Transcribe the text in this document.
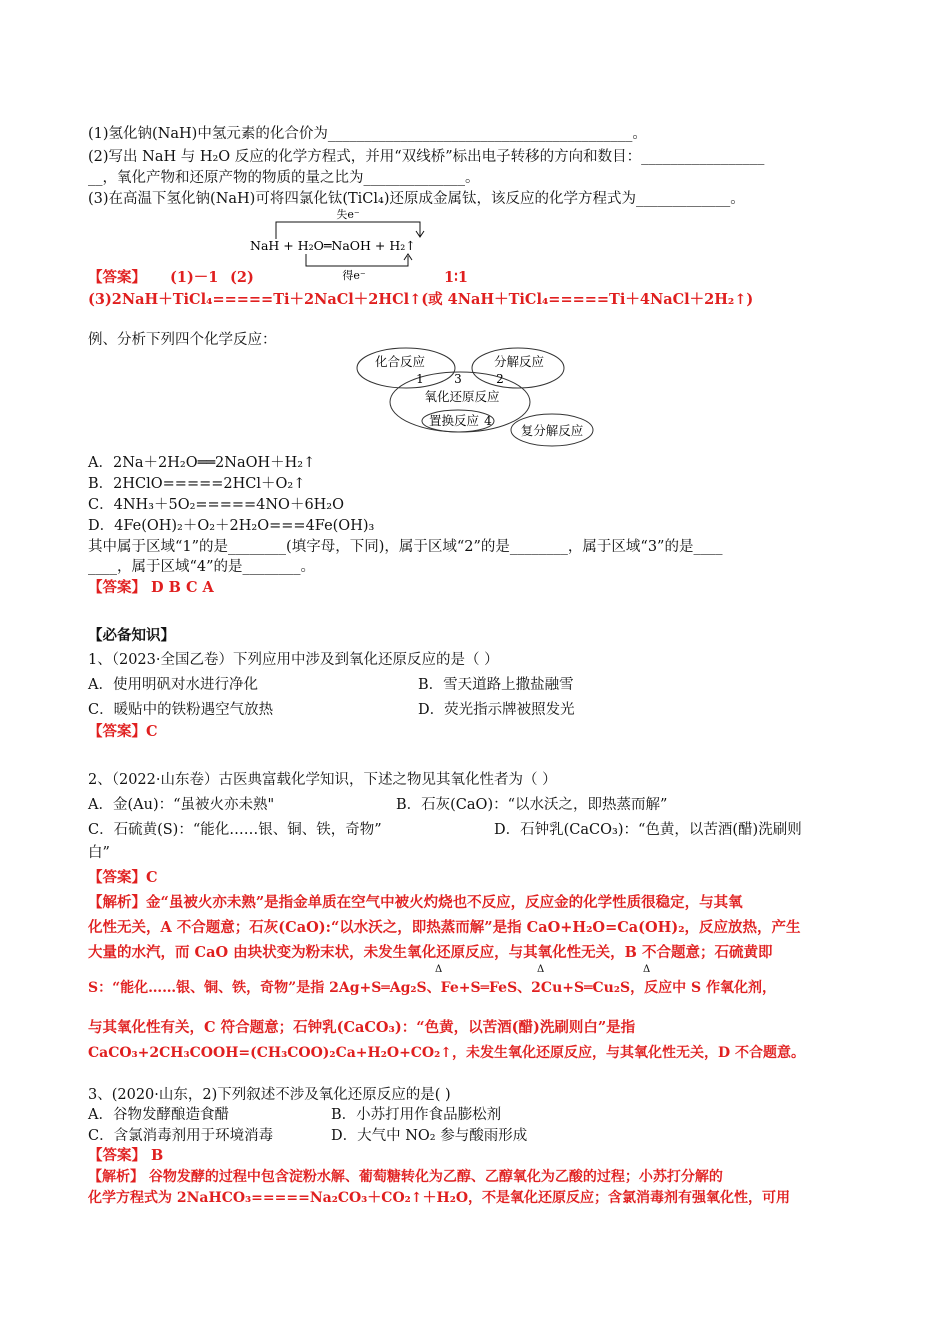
(1)氢化钠(NaH)中氢元素的化合价为__________________________________________。
(2)写出 NaH 与 H₂O 反应的化学方程式，并用“双线桥”标出电子转移的方向和数目：_________________
__，氧化产物和还原产物的物质的量之比为______________。
(3)在高温下氢化钠(NaH)可将四氯化钛(TiCl₄)还原成金属钛，该反应的化学方程式为_____________。
失e⁻
NaH + H₂O═NaOH + H₂↑
得e⁻
【答案】 (1)－1 (2)	1∶1
(3)2NaH＋TiCl₄=====Ti＋2NaCl＋2HCl↑(或 4NaH＋TiCl₄=====Ti＋4NaCl＋2H₂↑)
例、分析下列四个化学反应：
化合反应	分解反应
氧化还原反应
置换反应
复分解反应
1	3	2
4
A．2Na＋2H₂O══2NaOH＋H₂↑
B．2HClO=====2HCl＋O₂↑
C．4NH₃＋5O₂=====4NO＋6H₂O
D．4Fe(OH)₂＋O₂＋2H₂O===4Fe(OH)₃
其中属于区域“1”的是________(填字母，下同)，属于区域“2”的是________，属于区域“3”的是____
____，属于区域“4”的是________。
【答案】 D B C A
【必备知识】
1、（2023·全国乙卷）下列应用中涉及到氧化还原反应的是（ ）
A．使用明矾对水进行净化	B．雪天道路上撒盐融雪
C．暖贴中的铁粉遇空气放热	D．荧光指示牌被照发光
【答案】C
2、（2022·山东卷）古医典富载化学知识，下述之物见其氧化性者为（ ）
A．金(Au)：“虽被火亦未熟"	B．石灰(CaO)：“以水沃之，即热蒸而解”
C．石硫黄(S)：“能化……银、铜、铁，奇物”	D．石钟乳(CaCO₃)：“色黄，以苦酒(醋)洗刷则
白”
【答案】C
【解析】金“虽被火亦未熟”是指金单质在空气中被火灼烧也不反应，反应金的化学性质很稳定，与其氧
化性无关，A 不合题意；石灰(CaO):“以水沃之，即热蒸而解”是指 CaO+H₂O=Ca(OH)₂，反应放热，产生
大量的水汽，而 CaO 由块状变为粉末状，未发生氧化还原反应，与其氧化性无关，B 不合题意；石硫黄即
S：“能化……银、铜、铁，奇物”是指 2Ag+S═Ag₂S、Fe+S═FeS、2Cu+S═Cu₂S，反应中 S 作氧化剂，
Δ	Δ	Δ
与其氧化性有关，C 符合题意；石钟乳(CaCO₃)：“色黄，以苦酒(醋)洗刷则白”是指
CaCO₃+2CH₃COOH=(CH₃COO)₂Ca+H₂O+CO₂↑，未发生氧化还原反应，与其氧化性无关，D 不合题意。
3、(2020·山东，2)下列叙述不涉及氧化还原反应的是( )
A．谷物发酵酿造食醋	B．小苏打用作食品膨松剂
C．含氯消毒剂用于环境消毒	D．大气中 NO₂ 参与酸雨形成
【答案】 B
【解析】 谷物发酵的过程中包含淀粉水解、葡萄糖转化为乙醇、乙醇氧化为乙酸的过程；小苏打分解的
化学方程式为 2NaHCO₃=====Na₂CO₃＋CO₂↑＋H₂O，不是氧化还原反应；含氯消毒剂有强氧化性，可用
